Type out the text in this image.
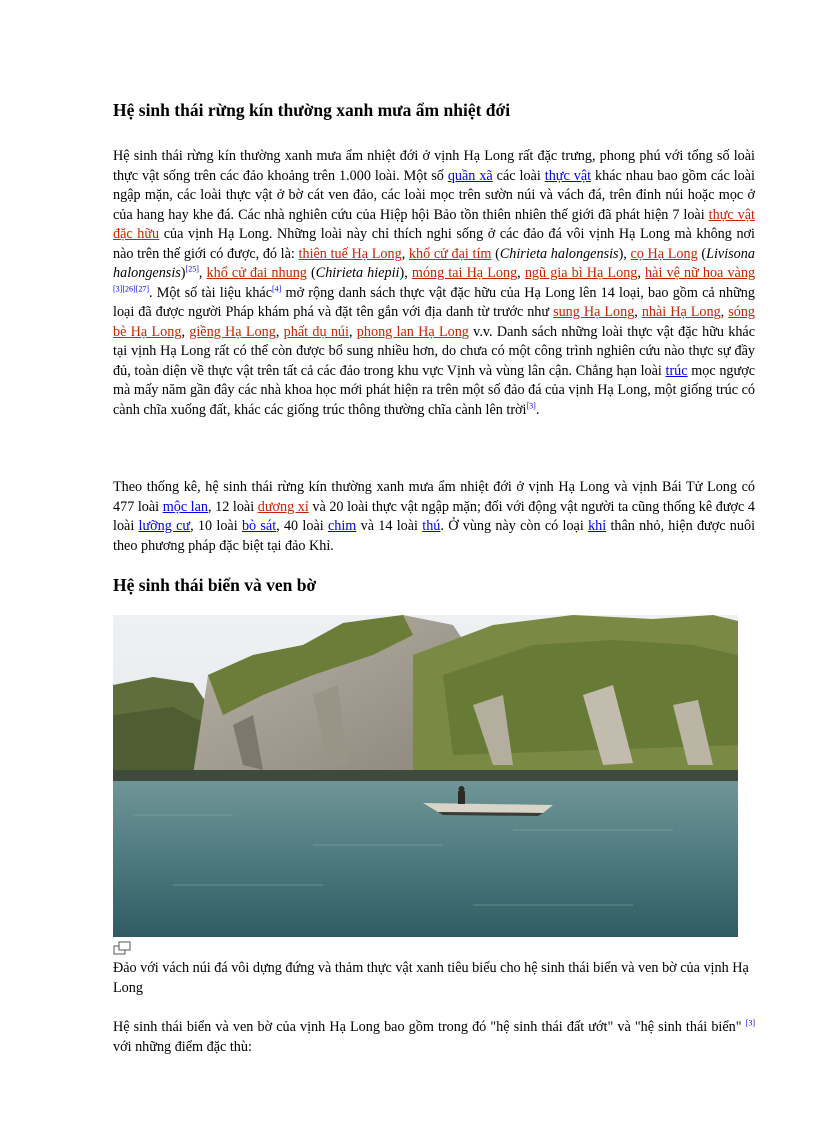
Hệ sinh thái rừng kín thường xanh mưa ẩm nhiệt đới

Hệ sinh thái rừng kín thường xanh mưa ẩm nhiệt đới ở vịnh Hạ Long rất đặc trưng, phong phú với tổng số loài thực vật sống trên các đảo khoảng trên 1.000 loài. Một số quần xã các loài thực vật khác nhau bao gồm các loài ngập mặn, các loài thực vật ở bờ cát ven đảo, các loài mọc trên sườn núi và vách đá, trên đỉnh núi hoặc mọc ở của hang hay khe đá. Các nhà nghiên cứu của Hiệp hội Bảo tồn thiên nhiên thế giới đã phát hiện 7 loài thực vật đặc hữu của vịnh Hạ Long. Những loài này chỉ thích nghi sống ở các đảo đá vôi vịnh Hạ Long mà không nơi nào trên thế giới có được, đó là: thiên tuế Hạ Long, khổ cử đại tím (Chirieta halongensis), cọ Hạ Long (Livisona halongensis)[25], khổ cử đai nhung (Chirieta hiepii), móng tai Hạ Long, ngũ gia bì Hạ Long, hài vệ nữ hoa vàng [3][26][27]. Một số tài liệu khác[4] mở rộng danh sách thực vật đặc hữu của Hạ Long lên 14 loại, bao gồm cả những loại đã được người Pháp khám phá và đặt tên gắn với địa danh từ trước như sung Hạ Long, nhài Hạ Long, sóng bè Hạ Long, giềng Hạ Long, phất dụ núi, phong lan Hạ Long v.v. Danh sách những loài thực vật đặc hữu khác tại vịnh Hạ Long rất có thể còn được bổ sung nhiều hơn, do chưa có một công trình nghiên cứu nào thực sự đầy đủ, toàn diện về thực vật trên tất cả các đảo trong khu vực Vịnh và vùng lân cận. Chẳng hạn loài trúc mọc ngược mà mấy năm gần đây các nhà khoa học mới phát hiện ra trên một số đảo đá của vịnh Hạ Long, một giống trúc có cành chĩa xuống đất, khác các giống trúc thông thường chĩa cành lên trời[3].

Theo thống kê, hệ sinh thái rừng kín thường xanh mưa ẩm nhiệt đới ở vịnh Hạ Long và vịnh Bái Tử Long có 477 loài mộc lan, 12 loài dương xỉ và 20 loài thực vật ngập mặn; đối với động vật người ta cũng thống kê được 4 loài lưỡng cư, 10 loài bò sát, 40 loài chim và 14 loài thú. Ở vùng này còn có loại khỉ thân nhỏ, hiện được nuôi theo phương pháp đặc biệt tại đảo Khỉ.

Hệ sinh thái biển và ven bờ
Đảo với vách núi đá vôi dựng đứng và thảm thực vật xanh tiêu biểu cho hệ sinh thái biển và ven bờ của vịnh Hạ Long

Hệ sinh thái biển và ven bờ của vịnh Hạ Long bao gồm trong đó "hệ sinh thái đất ướt" và "hệ sinh thái biển" [3] với những điểm đặc thù:
